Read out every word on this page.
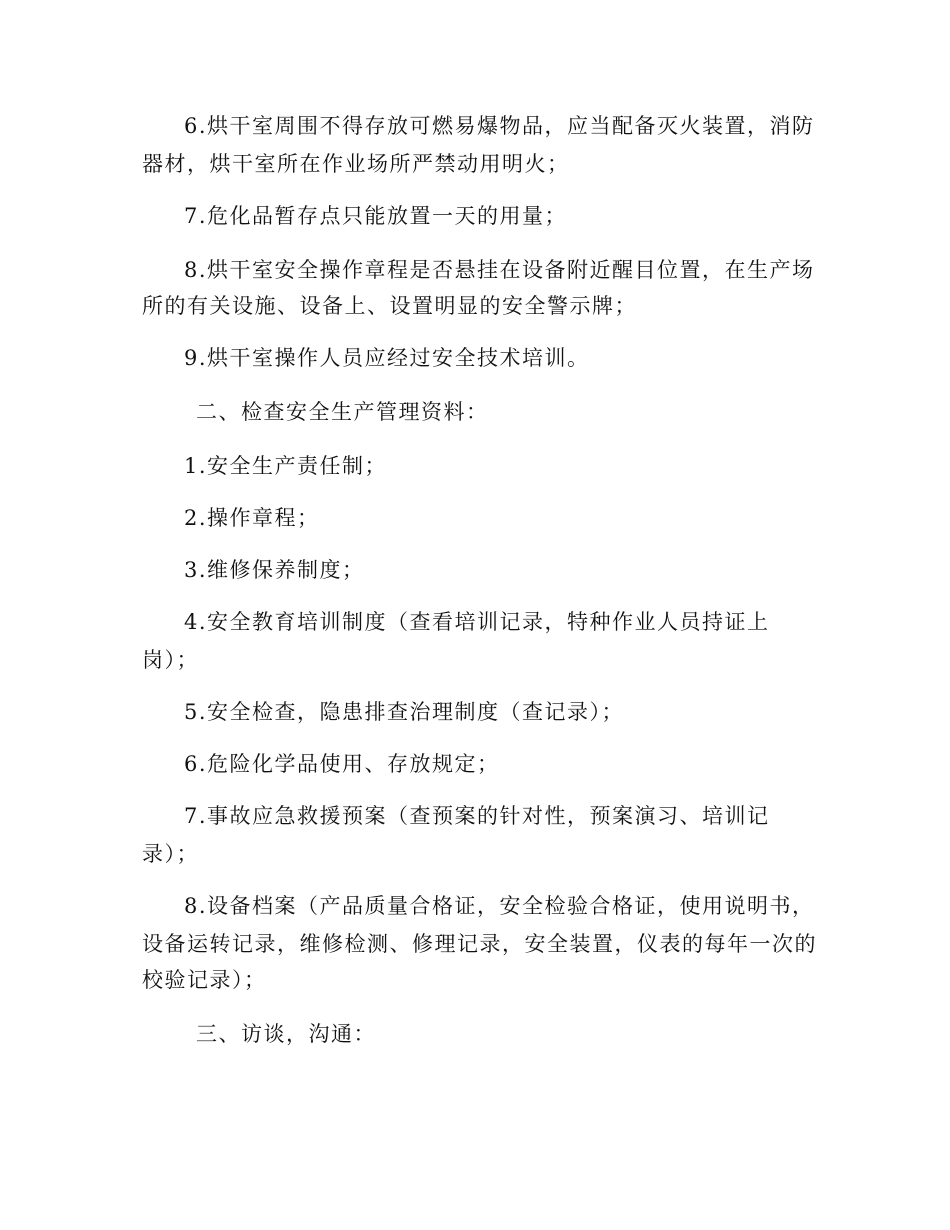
6.烘干室周围不得存放可燃易爆物品，应当配备灭火装置，消防
器材，烘干室所在作业场所严禁动用明火；
7.危化品暂存点只能放置一天的用量；
8.烘干室安全操作章程是否悬挂在设备附近醒目位置，在生产场
所的有关设施、设备上、设置明显的安全警示牌；
9.烘干室操作人员应经过安全技术培训。
二、检查安全生产管理资料：
1.安全生产责任制；
2.操作章程；
3.维修保养制度；
4.安全教育培训制度（查看培训记录，特种作业人员持证上
岗）；
5.安全检查，隐患排查治理制度（查记录）；
6.危险化学品使用、存放规定；
7.事故应急救援预案（查预案的针对性，预案演习、培训记
录）；
8.设备档案（产品质量合格证，安全检验合格证，使用说明书，
设备运转记录，维修检测、修理记录，安全装置，仪表的每年一次的
校验记录）；
三、访谈，沟通：
